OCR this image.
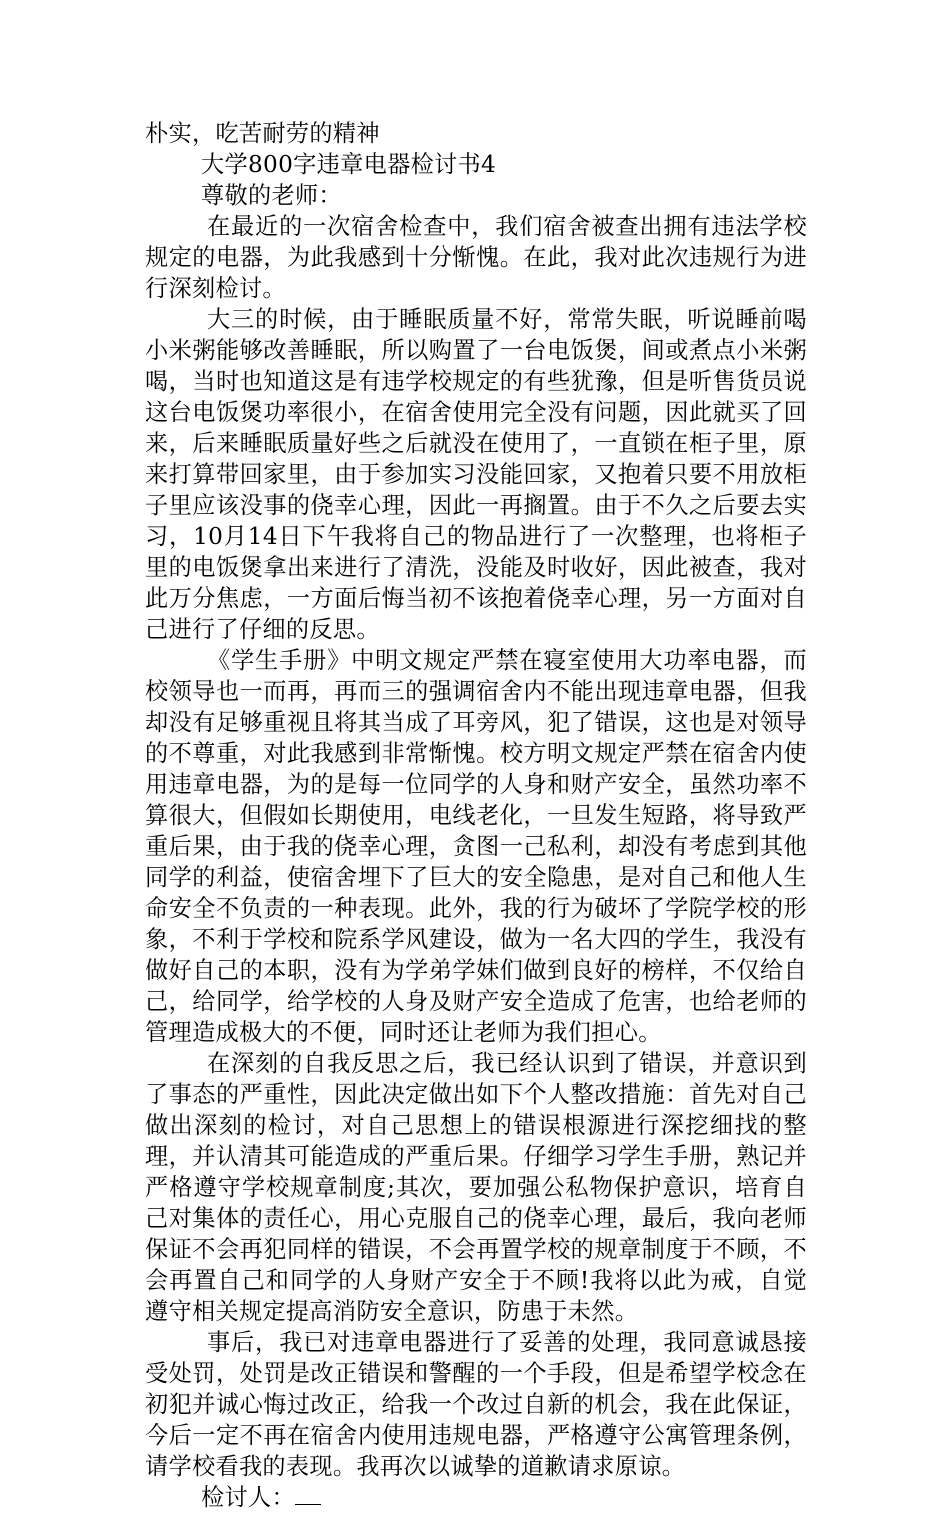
朴实，吃苦耐劳的精神

大学800字违章电器检讨书4

尊敬的老师：

在最近的一次宿舍检查中，我们宿舍被查出拥有违法学校规定的电器，为此我感到十分惭愧。在此，我对此次违规行为进行深刻检讨。

大三的时候，由于睡眠质量不好，常常失眠，听说睡前喝小米粥能够改善睡眠，所以购置了一台电饭煲，间或煮点小米粥喝，当时也知道这是有违学校规定的有些犹豫，但是听售货员说这台电饭煲功率很小，在宿舍使用完全没有问题，因此就买了回来，后来睡眠质量好些之后就没在使用了，一直锁在柜子里，原来打算带回家里，由于参加实习没能回家，又抱着只要不用放柜子里应该没事的侥幸心理，因此一再搁置。由于不久之后要去实习，10月14日下午我将自己的物品进行了一次整理，也将柜子里的电饭煲拿出来进行了清洗，没能及时收好，因此被查，我对此万分焦虑，一方面后悔当初不该抱着侥幸心理，另一方面对自己进行了仔细的反思。

《学生手册》中明文规定严禁在寝室使用大功率电器，而校领导也一而再，再而三的强调宿舍内不能出现违章电器，但我却没有足够重视且将其当成了耳旁风，犯了错误，这也是对领导的不尊重，对此我感到非常惭愧。校方明文规定严禁在宿舍内使用违章电器，为的是每一位同学的人身和财产安全，虽然功率不算很大，但假如长期使用，电线老化，一旦发生短路，将导致严重后果，由于我的侥幸心理，贪图一己私利，却没有考虑到其他同学的利益，使宿舍埋下了巨大的安全隐患，是对自己和他人生命安全不负责的一种表现。此外，我的行为破坏了学院学校的形象，不利于学校和院系学风建设，做为一名大四的学生，我没有做好自己的本职，没有为学弟学妹们做到良好的榜样，不仅给自己，给同学，给学校的人身及财产安全造成了危害，也给老师的管理造成极大的不便，同时还让老师为我们担心。

在深刻的自我反思之后，我已经认识到了错误，并意识到了事态的严重性，因此决定做出如下个人整改措施：首先对自己做出深刻的检讨，对自己思想上的错误根源进行深挖细找的整理，并认清其可能造成的严重后果。仔细学习学生手册，熟记并严格遵守学校规章制度;其次，要加强公私物保护意识，培育自己对集体的责任心，用心克服自己的侥幸心理，最后，我向老师保证不会再犯同样的错误，不会再置学校的规章制度于不顾，不会再置自己和同学的人身财产安全于不顾!我将以此为戒，自觉遵守相关规定提高消防安全意识，防患于未然。

事后，我已对违章电器进行了妥善的处理，我同意诚恳接受处罚，处罚是改正错误和警醒的一个手段，但是希望学校念在初犯并诚心悔过改正，给我一个改过自新的机会，我在此保证，今后一定不再在宿舍内使用违规电器，严格遵守公寓管理条例，请学校看我的表现。我再次以诚挚的道歉请求原谅。

检讨人：
